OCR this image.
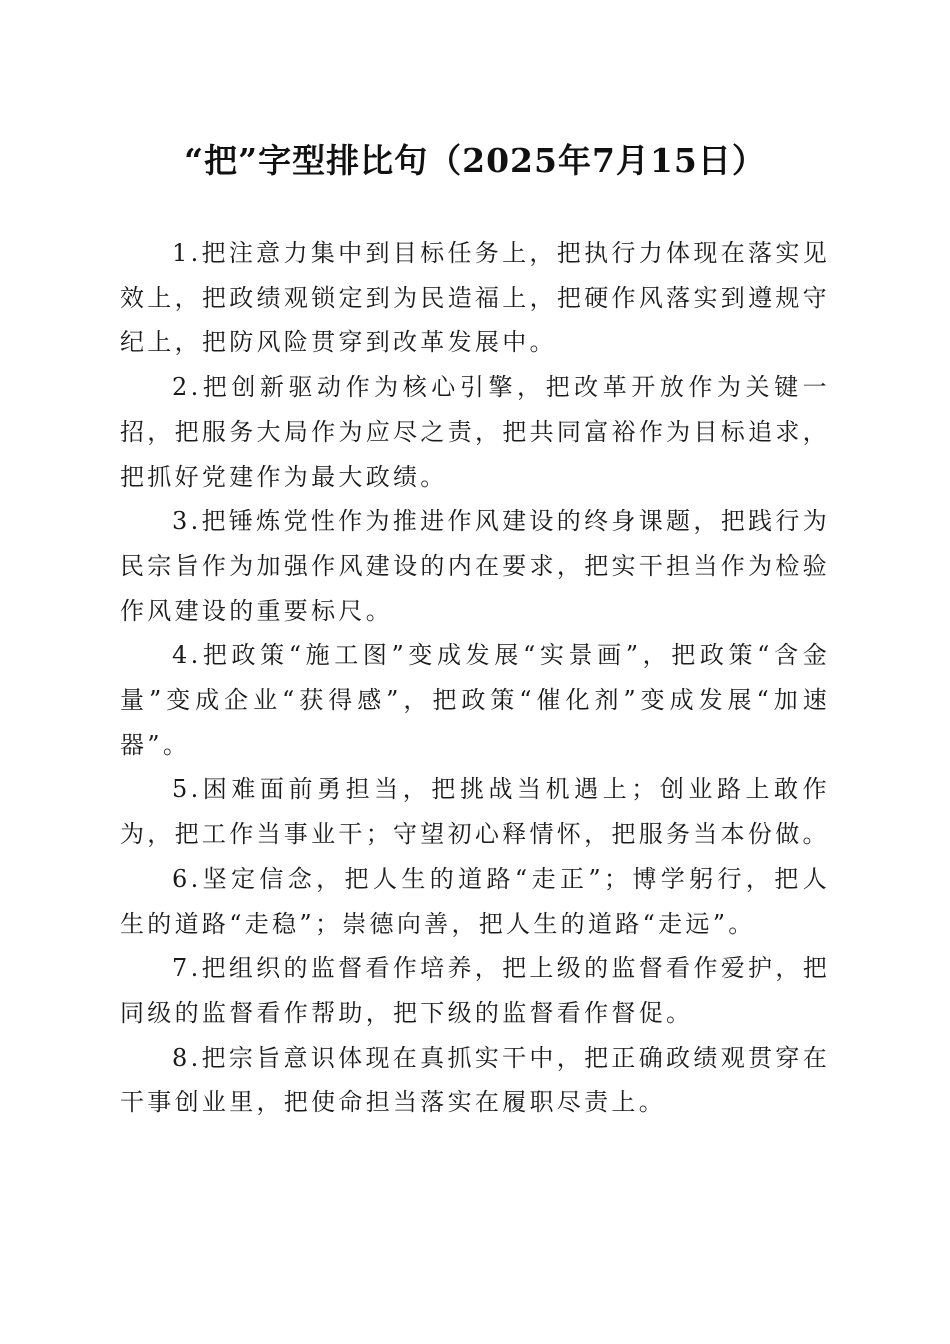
“把”字型排比句（2025年7月15日）

1.把注意力集中到目标任务上，把执行力体现在落实见效上，把政绩观锁定到为民造福上，把硬作风落实到遵规守纪上，把防风险贯穿到改革发展中。

2.把创新驱动作为核心引擎，把改革开放作为关键一招，把服务大局作为应尽之责，把共同富裕作为目标追求，把抓好党建作为最大政绩。

3.把锤炼党性作为推进作风建设的终身课题，把践行为民宗旨作为加强作风建设的内在要求，把实干担当作为检验作风建设的重要标尺。

4.把政策“施工图”变成发展“实景画”，把政策“含金量”变成企业“获得感”，把政策“催化剂”变成发展“加速器”。

5.困难面前勇担当，把挑战当机遇上；创业路上敢作为，把工作当事业干；守望初心释情怀，把服务当本份做。

6.坚定信念，把人生的道路“走正”；博学躬行，把人生的道路“走稳”；崇德向善，把人生的道路“走远”。

7.把组织的监督看作培养，把上级的监督看作爱护，把同级的监督看作帮助，把下级的监督看作督促。

8.把宗旨意识体现在真抓实干中，把正确政绩观贯穿在干事创业里，把使命担当落实在履职尽责上。
